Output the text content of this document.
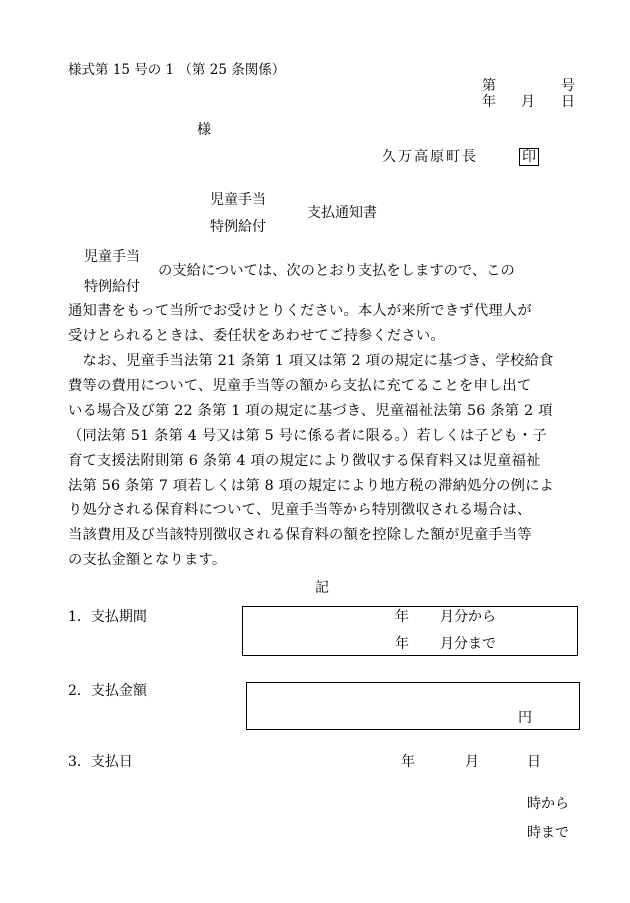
様式第 15 号の 1 （第 25 条関係）
第	号
年 月 日
様
久万高原町長	印
児童手当
支払通知書
特例給付
児童手当
の支給については、次のとおり支払をしますので、この
特例給付
通知書をもって当所でお受けとりください。本人が来所できず代理人が
受けとられるときは、委任状をあわせてご持参ください。
　なお、児童手当法第 21 条第 1 項又は第 2 項の規定に基づき、学校給食
費等の費用について、児童手当等の額から支払に充てることを申し出て
いる場合及び第 22 条第 1 項の規定に基づき、児童福祉法第 56 条第 2 項
（同法第 51 条第 4 号又は第 5 号に係る者に限る。）若しくは子ども・子
育て支援法附則第 6 条第 4 項の規定により徴収する保育料又は児童福祉
法第 56 条第 7 項若しくは第 8 項の規定により地方税の滞納処分の例によ
り処分される保育料について、児童手当等から特別徴収される場合は、
当該費用及び当該特別徴収される保育料の額を控除した額が児童手当等
の支払金額となります。
記
1．支払期間	年 月分から
年 月分まで
2．支払金額
円
3．支払日	年	月	日
時から
時まで
